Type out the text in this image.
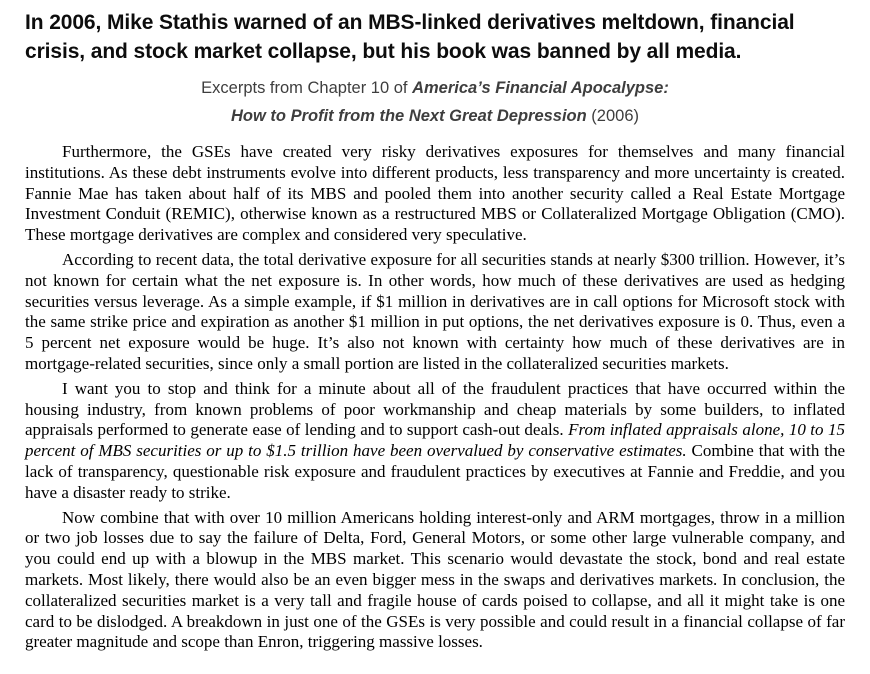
In 2006, Mike Stathis warned of an MBS-linked derivatives meltdown, financial crisis, and stock market collapse, but his book was banned by all media.
Excerpts from Chapter 10 of America’s Financial Apocalypse:
How to Profit from the Next Great Depression (2006)

Furthermore, the GSEs have created very risky derivatives exposures for themselves and many financial institutions. As these debt instruments evolve into different products, less transparency and more uncertainty is created. Fannie Mae has taken about half of its MBS and pooled them into another security called a Real Estate Mortgage Investment Conduit (REMIC), otherwise known as a restructured MBS or Collateralized Mortgage Obligation (CMO). These mortgage derivatives are complex and considered very speculative.

According to recent data, the total derivative exposure for all securities stands at nearly $300 trillion. However, it’s not known for certain what the net exposure is. In other words, how much of these derivatives are used as hedging securities versus leverage. As a simple example, if $1 million in derivatives are in call options for Microsoft stock with the same strike price and expiration as another $1 million in put options, the net derivatives exposure is 0. Thus, even a 5 percent net exposure would be huge. It’s also not known with certainty how much of these derivatives are in mortgage-related securities, since only a small portion are listed in the collateralized securities markets.

I want you to stop and think for a minute about all of the fraudulent practices that have occurred within the housing industry, from known problems of poor workmanship and cheap materials by some builders, to inflated appraisals performed to generate ease of lending and to support cash-out deals. From inflated appraisals alone, 10 to 15 percent of MBS securities or up to $1.5 trillion have been overvalued by conservative estimates. Combine that with the lack of transparency, questionable risk exposure and fraudulent practices by executives at Fannie and Freddie, and you have a disaster ready to strike.

Now combine that with over 10 million Americans holding interest-only and ARM mortgages, throw in a million or two job losses due to say the failure of Delta, Ford, General Motors, or some other large vulnerable company, and you could end up with a blowup in the MBS market. This scenario would devastate the stock, bond and real estate markets. Most likely, there would also be an even bigger mess in the swaps and derivatives markets. In conclusion, the collateralized securities market is a very tall and fragile house of cards poised to collapse, and all it might take is one card to be dislodged. A breakdown in just one of the GSEs is very possible and could result in a financial collapse of far greater magnitude and scope than Enron, triggering massive losses.
